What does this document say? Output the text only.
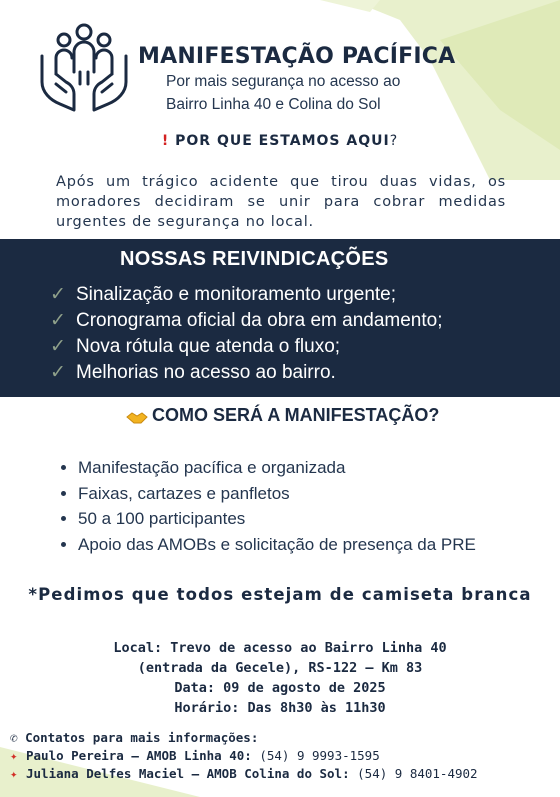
MANIFESTAÇÃO PACÍFICA
Por mais segurança no acesso ao
Bairro Linha 40 e Colina do Sol
! POR QUE ESTAMOS AQUI?
Após um trágico acidente que tirou duas vidas, os moradores decidiram se unir para cobrar medidas urgentes de segurança no local.
NOSSAS REIVINDICAÇÕES
✓ Sinalização e monitoramento urgente;
✓ Cronograma oficial da obra em andamento;
✓ Nova rótula que atenda o fluxo;
✓ Melhorias no acesso ao bairro.
COMO SERÁ A MANIFESTAÇÃO?
• Manifestação pacífica e organizada
• Faixas, cartazes e panfletos
• 50 a 100 participantes
• Apoio das AMOBs e solicitação de presença da PRE
*Pedimos que todos estejam de camiseta branca
Local: Trevo de acesso ao Bairro Linha 40
(entrada da Gecele), RS-122 – Km 83
Data: 09 de agosto de 2025
Horário: Das 8h30 às 11h30
✆ Contatos para mais informações:
✦ Paulo Pereira – AMOB Linha 40: (54) 9 9993-1595
✦ Juliana Delfes Maciel – AMOB Colina do Sol: (54) 9 8401-4902
